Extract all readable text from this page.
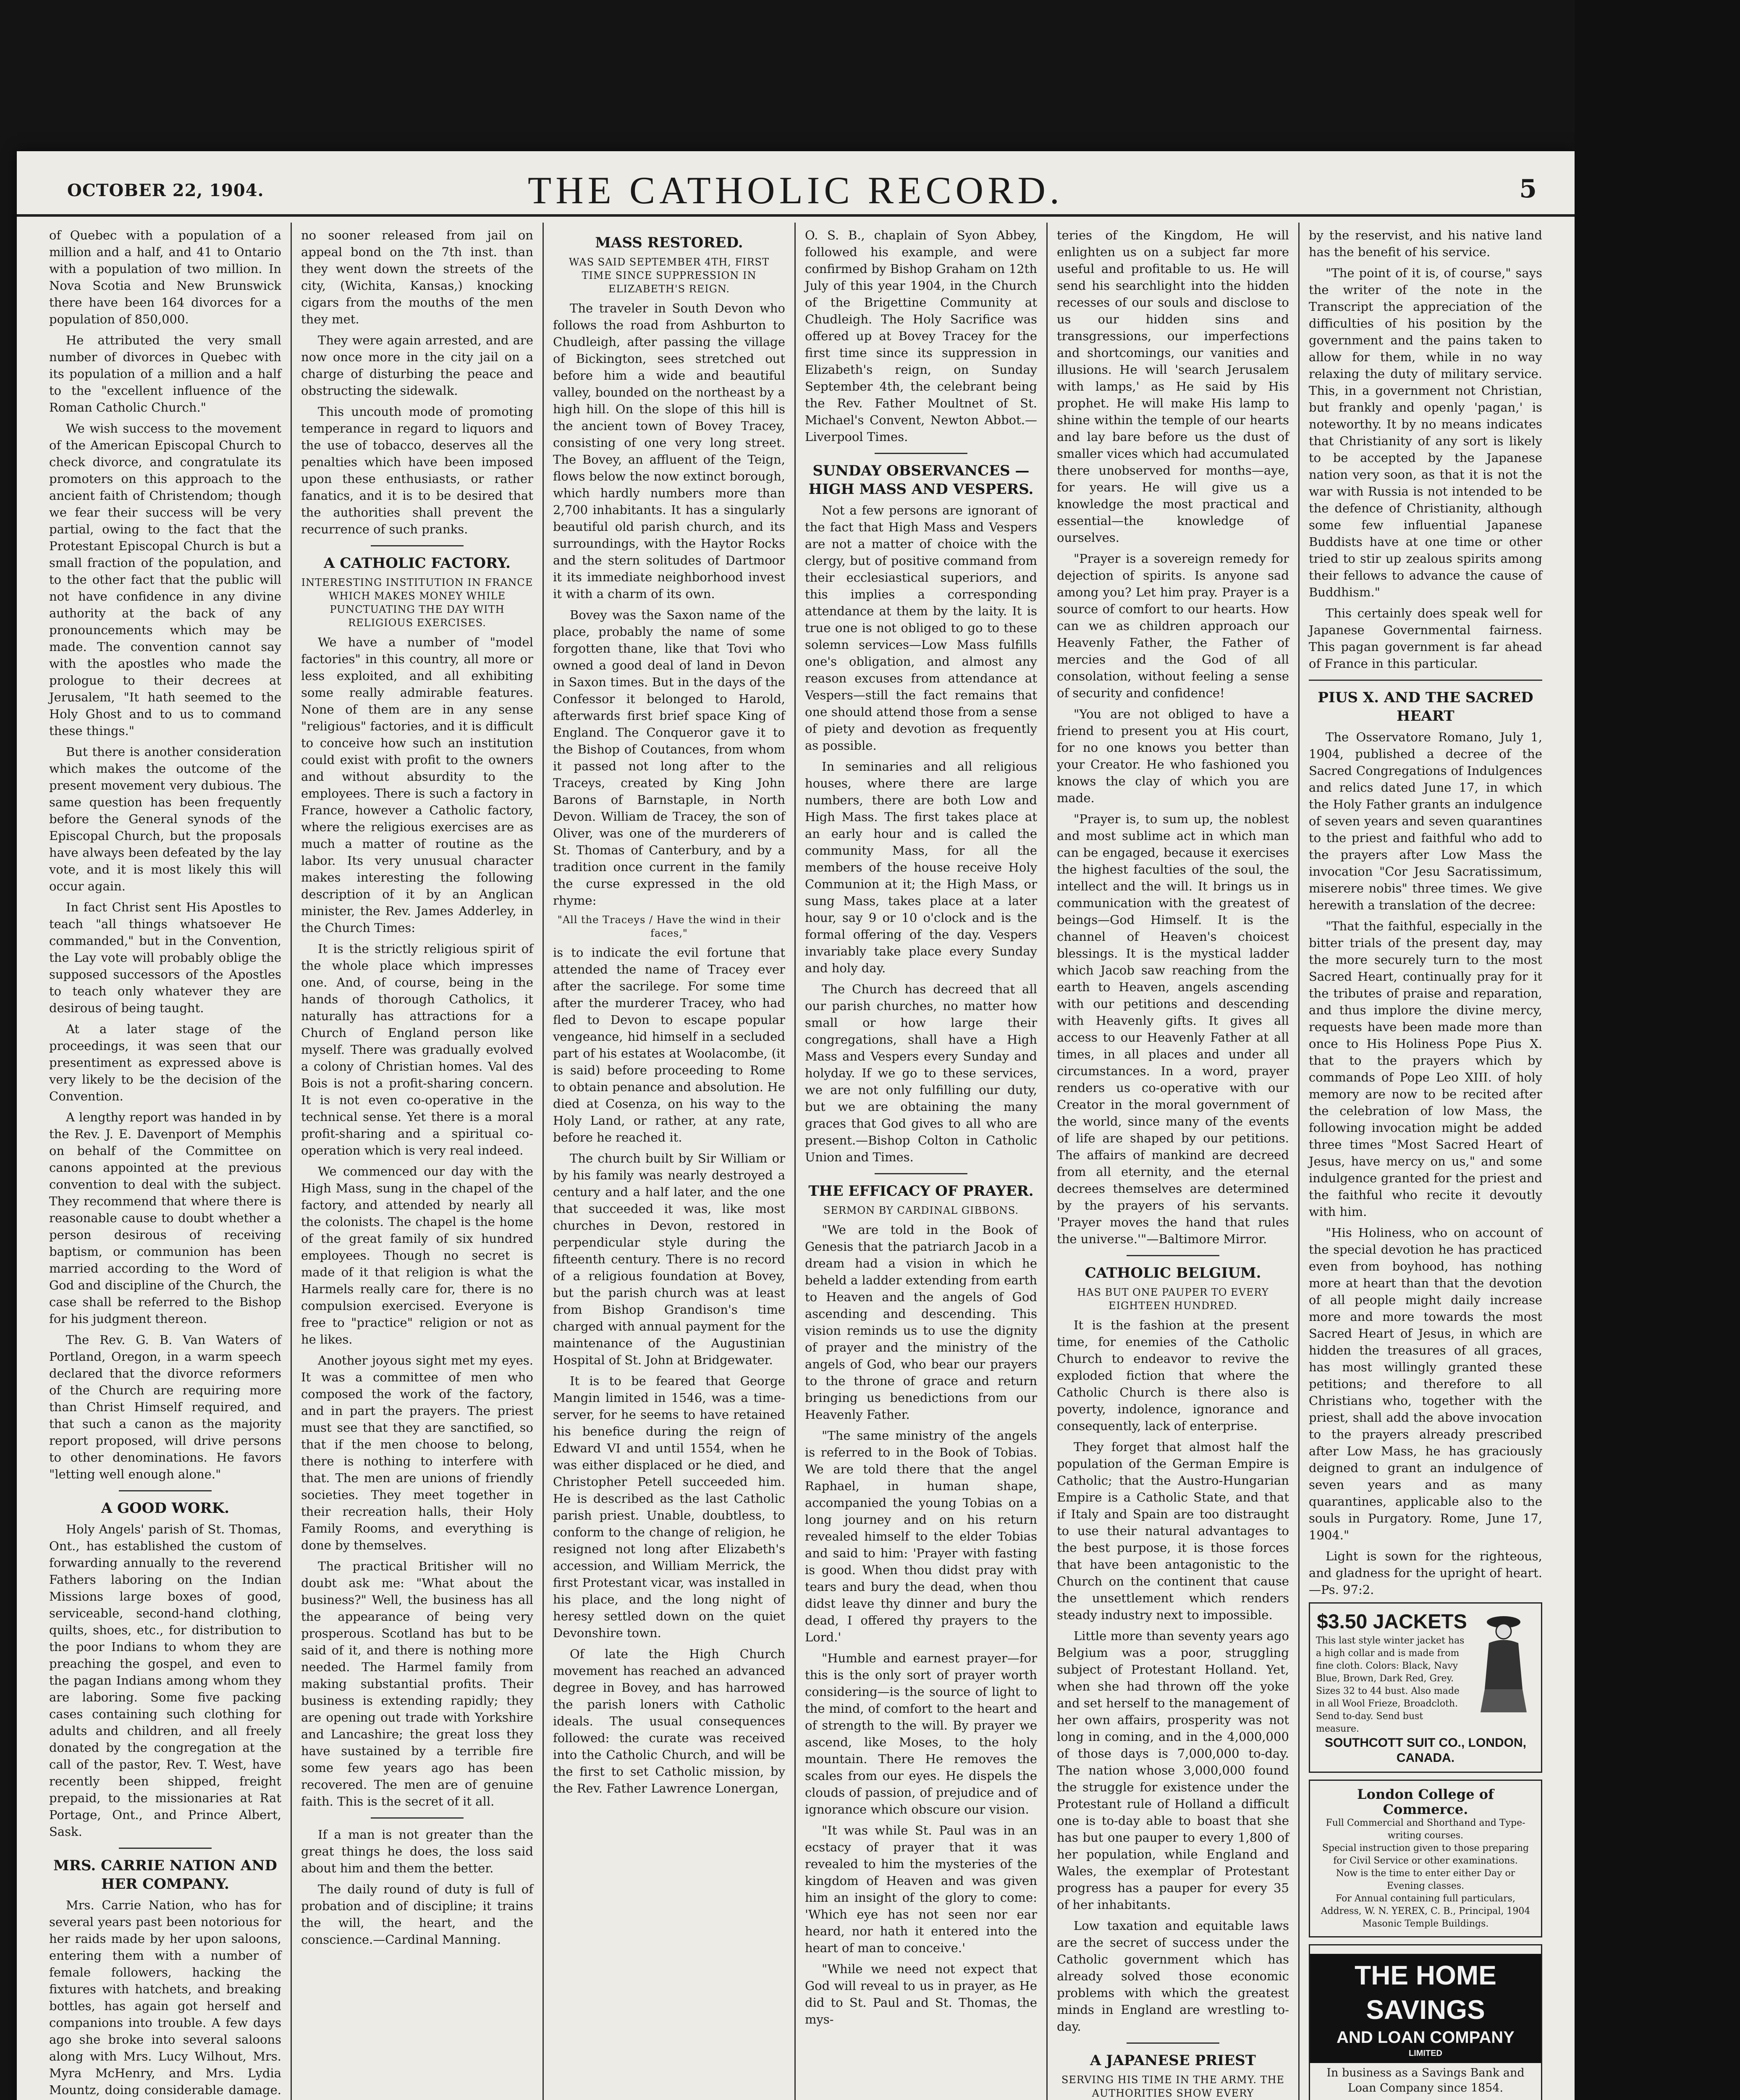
OCTOBER 22, 1904.	THE CATHOLIC RECORD.	5

of Quebec with a population of a million and a half, and 41 to Ontario with a population of two million. In Nova Scotia and New Brunswick there have been 164 divorces for a population of 850,000.

He attributed the very small number of divorces in Quebec with its population of a million and a half to the "excellent influence of the Roman Catholic Church."

We wish success to the movement of the American Episcopal Church to check divorce, and congratulate its promoters on this approach to the ancient faith of Christendom; though we fear their success will be very partial, owing to the fact that the Protestant Episcopal Church is but a small fraction of the population, and to the other fact that the public will not have confidence in any divine authority at the back of any pronouncements which may be made. The convention cannot say with the apostles who made the prologue to their decrees at Jerusalem, "It hath seemed to the Holy Ghost and to us to command these things."

But there is another consideration which makes the outcome of the present movement very dubious. The same question has been frequently before the General synods of the Episcopal Church, but the proposals have always been defeated by the lay vote, and it is most likely this will occur again.

In fact Christ sent His Apostles to teach "all things whatsoever He commanded," but in the Convention, the Lay vote will probably oblige the supposed successors of the Apostles to teach only whatever they are desirous of being taught.

At a later stage of the proceedings, it was seen that our presentiment as expressed above is very likely to be the decision of the Convention.

A lengthy report was handed in by the Rev. J. E. Davenport of Memphis on behalf of the Committee on canons appointed at the previous convention to deal with the subject. They recommend that where there is reasonable cause to doubt whether a person desirous of receiving baptism, or communion has been married according to the Word of God and discipline of the Church, the case shall be referred to the Bishop for his judgment thereon.

The Rev. G. B. Van Waters of Portland, Oregon, in a warm speech declared that the divorce reformers of the Church are requiring more than Christ Himself required, and that such a canon as the majority report proposed, will drive persons to other denominations. He favors "letting well enough alone."

A GOOD WORK.

Holy Angels' parish of St. Thomas, Ont., has established the custom of forwarding annually to the reverend Fathers laboring on the Indian Missions large boxes of good, serviceable, second-hand clothing, quilts, shoes, etc., for distribution to the poor Indians to whom they are preaching the gospel, and even to the pagan Indians among whom they are laboring. Some five packing cases containing such clothing for adults and children, and all freely donated by the congregation at the call of the pastor, Rev. T. West, have recently been shipped, freight prepaid, to the missionaries at Rat Portage, Ont., and Prince Albert, Sask.

MRS. CARRIE NATION AND HER COMPANY.

Mrs. Carrie Nation, who has for several years past been notorious for her raids made by her upon saloons, entering them with a number of female followers, hacking the fixtures with hatchets, and breaking bottles, has again got herself and companions into trouble. A few days ago she broke into several saloons along with Mrs. Lucy Wilhout, Mrs. Myra McHenry, and Mrs. Lydia Mountz, doing considerable damage.

no sooner released from jail on appeal bond on the 7th inst. than they went down the streets of the city, (Wichita, Kansas,) knocking cigars from the mouths of the men they met.

They were again arrested, and are now once more in the city jail on a charge of disturbing the peace and obstructing the sidewalk.

This uncouth mode of promoting temperance in regard to liquors and the use of tobacco, deserves all the penalties which have been imposed upon these enthusiasts, or rather fanatics, and it is to be desired that the authorities shall prevent the recurrence of such pranks.

A CATHOLIC FACTORY.
INTERESTING INSTITUTION IN FRANCE WHICH MAKES MONEY WHILE PUNCTUATING THE DAY WITH RELIGIOUS EXERCISES.

We have a number of "model factories" in this country, all more or less exploited, and all exhibiting some really admirable features. None of them are in any sense "religious" factories, and it is difficult to conceive how such an institution could exist with profit to the owners and without absurdity to the employees. There is such a factory in France, however a Catholic factory, where the religious exercises are as much a matter of routine as the labor. Its very unusual character makes interesting the following description of it by an Anglican minister, the Rev. James Adderley, in the Church Times:

It is the strictly religious spirit of the whole place which impresses one. And, of course, being in the hands of thorough Catholics, it naturally has attractions for a Church of England person like myself. There was gradually evolved a colony of Christian homes. Val des Bois is not a profit-sharing concern. It is not even co-operative in the technical sense. Yet there is a moral profit-sharing and a spiritual co-operation which is very real indeed.

We commenced our day with the High Mass, sung in the chapel of the factory, and attended by nearly all the colonists. The chapel is the home of the great family of six hundred employees. Though no secret is made of it that religion is what the Harmels really care for, there is no compulsion exercised. Everyone is free to "practice" religion or not as he likes.

Another joyous sight met my eyes. It was a committee of men who composed the work of the factory, and in part the prayers. The priest must see that they are sanctified, so that if the men choose to belong, there is nothing to interfere with that. The men are unions of friendly societies. They meet together in their recreation halls, their Holy Family Rooms, and everything is done by themselves.

The practical Britisher will no doubt ask me: "What about the business?" Well, the business has all the appearance of being very prosperous. Scotland has but to be said of it, and there is nothing more needed. The Harmel family from making substantial profits. Their business is extending rapidly; they are opening out trade with Yorkshire and Lancashire; the great loss they have sustained by a terrible fire some few years ago has been recovered. The men are of genuine faith. This is the secret of it all.

If a man is not greater than the great things he does, the loss said about him and them the better.

The daily round of duty is full of probation and of discipline; it trains the will, the heart, and the conscience.—Cardinal Manning.

MASS RESTORED.
WAS SAID SEPTEMBER 4TH, FIRST TIME SINCE SUPPRESSION IN ELIZABETH'S REIGN.

The traveler in South Devon who follows the road from Ashburton to Chudleigh, after passing the village of Bickington, sees stretched out before him a wide and beautiful valley, bounded on the northeast by a high hill. On the slope of this hill is the ancient town of Bovey Tracey, consisting of one very long street. The Bovey, an affluent of the Teign, flows below the now extinct borough, which hardly numbers more than 2,700 inhabitants. It has a singularly beautiful old parish church, and its surroundings, with the Haytor Rocks and the stern solitudes of Dartmoor it its immediate neighborhood invest it with a charm of its own.

Bovey was the Saxon name of the place, probably the name of some forgotten thane, like that Tovi who owned a good deal of land in Devon in Saxon times. But in the days of the Confessor it belonged to Harold, afterwards first brief space King of England. The Conqueror gave it to the Bishop of Coutances, from whom it passed not long after to the Traceys, created by King John Barons of Barnstaple, in North Devon. William de Tracey, the son of Oliver, was one of the murderers of St. Thomas of Canterbury, and by a tradition once current in the family the curse expressed in the old rhyme:

"All the Traceys / Have the wind in their faces,"

is to indicate the evil fortune that attended the name of Tracey ever after the sacrilege. For some time after the murderer Tracey, who had fled to Devon to escape popular vengeance, hid himself in a secluded part of his estates at Woolacombe, (it is said) before proceeding to Rome to obtain penance and absolution. He died at Cosenza, on his way to the Holy Land, or rather, at any rate, before he reached it.

The church built by Sir William or by his family was nearly destroyed a century and a half later, and the one that succeeded it was, like most churches in Devon, restored in perpendicular style during the fifteenth century. There is no record of a religious foundation at Bovey, but the parish church was at least from Bishop Grandison's time charged with annual payment for the maintenance of the Augustinian Hospital of St. John at Bridgewater.

It is to be feared that George Mangin limited in 1546, was a time-server, for he seems to have retained his benefice during the reign of Edward VI and until 1554, when he was either displaced or he died, and Christopher Petell succeeded him. He is described as the last Catholic parish priest. Unable, doubtless, to conform to the change of religion, he resigned not long after Elizabeth's accession, and William Merrick, the first Protestant vicar, was installed in his place, and the long night of heresy settled down on the quiet Devonshire town.

Of late the High Church movement has reached an advanced degree in Bovey, and has harrowed the parish loners with Catholic ideals. The usual consequences followed: the curate was received into the Catholic Church, and will be the first to set Catholic mission, by the Rev. Father Lawrence Lonergan,

O. S. B., chaplain of Syon Abbey, followed his example, and were confirmed by Bishop Graham on 12th July of this year 1904, in the Church of the Brigettine Community at Chudleigh. The Holy Sacrifice was offered up at Bovey Tracey for the first time since its suppression in Elizabeth's reign, on Sunday September 4th, the celebrant being the Rev. Father Moultnet of St. Michael's Convent, Newton Abbot.—Liverpool Times.

SUNDAY OBSERVANCES — HIGH MASS AND VESPERS.

Not a few persons are ignorant of the fact that High Mass and Vespers are not a matter of choice with the clergy, but of positive command from their ecclesiastical superiors, and this implies a corresponding attendance at them by the laity. It is true one is not obliged to go to these solemn services—Low Mass fulfills one's obligation, and almost any reason excuses from attendance at Vespers—still the fact remains that one should attend those from a sense of piety and devotion as frequently as possible.

In seminaries and all religious houses, where there are large numbers, there are both Low and High Mass. The first takes place at an early hour and is called the community Mass, for all the members of the house receive Holy Communion at it; the High Mass, or sung Mass, takes place at a later hour, say 9 or 10 o'clock and is the formal offering of the day. Vespers invariably take place every Sunday and holy day.

The Church has decreed that all our parish churches, no matter how small or how large their congregations, shall have a High Mass and Vespers every Sunday and holyday. If we go to these services, we are not only fulfilling our duty, but we are obtaining the many graces that God gives to all who are present.—Bishop Colton in Catholic Union and Times.

THE EFFICACY OF PRAYER.
SERMON BY CARDINAL GIBBONS.

"We are told in the Book of Genesis that the patriarch Jacob in a dream had a vision in which he beheld a ladder extending from earth to Heaven and the angels of God ascending and descending. This vision reminds us to use the dignity of prayer and the ministry of the angels of God, who bear our prayers to the throne of grace and return bringing us benedictions from our Heavenly Father.

"The same ministry of the angels is referred to in the Book of Tobias. We are told there that the angel Raphael, in human shape, accompanied the young Tobias on a long journey and on his return revealed himself to the elder Tobias and said to him: 'Prayer with fasting is good. When thou didst pray with tears and bury the dead, when thou didst leave thy dinner and bury the dead, I offered thy prayers to the Lord.'

"Humble and earnest prayer—for this is the only sort of prayer worth considering—is the source of light to the mind, of comfort to the heart and of strength to the will. By prayer we ascend, like Moses, to the holy mountain. There He removes the scales from our eyes. He dispels the clouds of passion, of prejudice and of ignorance which obscure our vision.

"It was while St. Paul was in an ecstacy of prayer that it was revealed to him the mysteries of the kingdom of Heaven and was given him an insight of the glory to come: 'Which eye has not seen nor ear heard, nor hath it entered into the heart of man to conceive.'

"While we need not expect that God will reveal to us in prayer, as He did to St. Paul and St. Thomas, the mys-

teries of the Kingdom, He will enlighten us on a subject far more useful and profitable to us. He will send his searchlight into the hidden recesses of our souls and disclose to us our hidden sins and transgressions, our imperfections and shortcomings, our vanities and illusions. He will 'search Jerusalem with lamps,' as He said by His prophet. He will make His lamp to shine within the temple of our hearts and lay bare before us the dust of smaller vices which had accumulated there unobserved for months—aye, for years. He will give us a knowledge the most practical and essential—the knowledge of ourselves.

"Prayer is a sovereign remedy for dejection of spirits. Is anyone sad among you? Let him pray. Prayer is a source of comfort to our hearts. How can we as children approach our Heavenly Father, the Father of mercies and the God of all consolation, without feeling a sense of security and confidence!

"You are not obliged to have a friend to present you at His court, for no one knows you better than your Creator. He who fashioned you knows the clay of which you are made.

"Prayer is, to sum up, the noblest and most sublime act in which man can be engaged, because it exercises the highest faculties of the soul, the intellect and the will. It brings us in communication with the greatest of beings—God Himself. It is the channel of Heaven's choicest blessings. It is the mystical ladder which Jacob saw reaching from the earth to Heaven, angels ascending with our petitions and descending with Heavenly gifts. It gives all access to our Heavenly Father at all times, in all places and under all circumstances. In a word, prayer renders us co-operative with our Creator in the moral government of the world, since many of the events of life are shaped by our petitions. The affairs of mankind are decreed from all eternity, and the eternal decrees themselves are determined by the prayers of his servants. 'Prayer moves the hand that rules the universe.'"—Baltimore Mirror.

CATHOLIC BELGIUM.
HAS BUT ONE PAUPER TO EVERY EIGHTEEN HUNDRED.

It is the fashion at the present time, for enemies of the Catholic Church to endeavor to revive the exploded fiction that where the Catholic Church is there also is poverty, indolence, ignorance and consequently, lack of enterprise.

They forget that almost half the population of the German Empire is Catholic; that the Austro-Hungarian Empire is a Catholic State, and that if Italy and Spain are too distraught to use their natural advantages to the best purpose, it is those forces that have been antagonistic to the Church on the continent that cause the unsettlement which renders steady industry next to impossible.

Little more than seventy years ago Belgium was a poor, struggling subject of Protestant Holland. Yet, when she had thrown off the yoke and set herself to the management of her own affairs, prosperity was not long in coming, and in the 4,000,000 of those days is 7,000,000 to-day. The nation whose 3,000,000 found the struggle for existence under the Protestant rule of Holland a difficult one is to-day able to boast that she has but one pauper to every 1,800 of her population, while England and Wales, the exemplar of Protestant progress has a pauper for every 35 of her inhabitants.

Low taxation and equitable laws are the secret of success under the Catholic government which has already solved those economic problems with which the greatest minds in England are wrestling to-day.

A JAPANESE PRIEST
SERVING HIS TIME IN THE ARMY. THE AUTHORITIES SHOW EVERY

by the reservist, and his native land has the benefit of his service.

"The point of it is, of course," says the writer of the note in the Transcript the appreciation of the difficulties of his position by the government and the pains taken to allow for them, while in no way relaxing the duty of military service. This, in a government not Christian, but frankly and openly 'pagan,' is noteworthy. It by no means indicates that Christianity of any sort is likely to be accepted by the Japanese nation very soon, as that it is not the war with Russia is not intended to be the defence of Christianity, although some few influential Japanese Buddists have at one time or other tried to stir up zealous spirits among their fellows to advance the cause of Buddhism."

This certainly does speak well for Japanese Governmental fairness. This pagan government is far ahead of France in this particular.

PIUS X. AND THE SACRED HEART

The Osservatore Romano, July 1, 1904, published a decree of the Sacred Congregations of Indulgences and relics dated June 17, in which the Holy Father grants an indulgence of seven years and seven quarantines to the priest and faithful who add to the prayers after Low Mass the invocation "Cor Jesu Sacratissimum, miserere nobis" three times. We give herewith a translation of the decree:

"That the faithful, especially in the bitter trials of the present day, may the more securely turn to the most Sacred Heart, continually pray for it the tributes of praise and reparation, and thus implore the divine mercy, requests have been made more than once to His Holiness Pope Pius X. that to the prayers which by commands of Pope Leo XIII. of holy memory are now to be recited after the celebration of low Mass, the following invocation might be added three times "Most Sacred Heart of Jesus, have mercy on us," and some indulgence granted for the priest and the faithful who recite it devoutly with him.

"His Holiness, who on account of the special devotion he has practiced even from boyhood, has nothing more at heart than that the devotion of all people might daily increase more and more towards the most Sacred Heart of Jesus, in which are hidden the treasures of all graces, has most willingly granted these petitions; and therefore to all Christians who, together with the priest, shall add the above invocation to the prayers already prescribed after Low Mass, he has graciously deigned to grant an indulgence of seven years and as many quarantines, applicable also to the souls in Purgatory. Rome, June 17, 1904."

Light is sown for the righteous, and gladness for the upright of heart.—Ps. 97:2.

$3.50 JACKETS
This last style winter jacket has a high collar and is made from fine cloth. Colors: Black, Navy Blue, Brown, Dark Red, Grey. Sizes 32 to 44 bust. Also made in all Wool Frieze, Broadcloth. Send to-day. Send bust measure.
SOUTHCOTT SUIT CO., LONDON, CANADA.
London College of Commerce.
Full Commercial and Shorthand and Type-writing courses.
Special instruction given to those preparing for Civil Service or other examinations.
Now is the time to enter either Day or Evening classes.
For Annual containing full particulars,
Address, W. N. YEREX, C. B., Principal, 1904 Masonic Temple Buildings.
THE HOME SAVINGS
AND LOAN COMPANY
LIMITED
In business as a Savings Bank and Loan Company since 1854.
